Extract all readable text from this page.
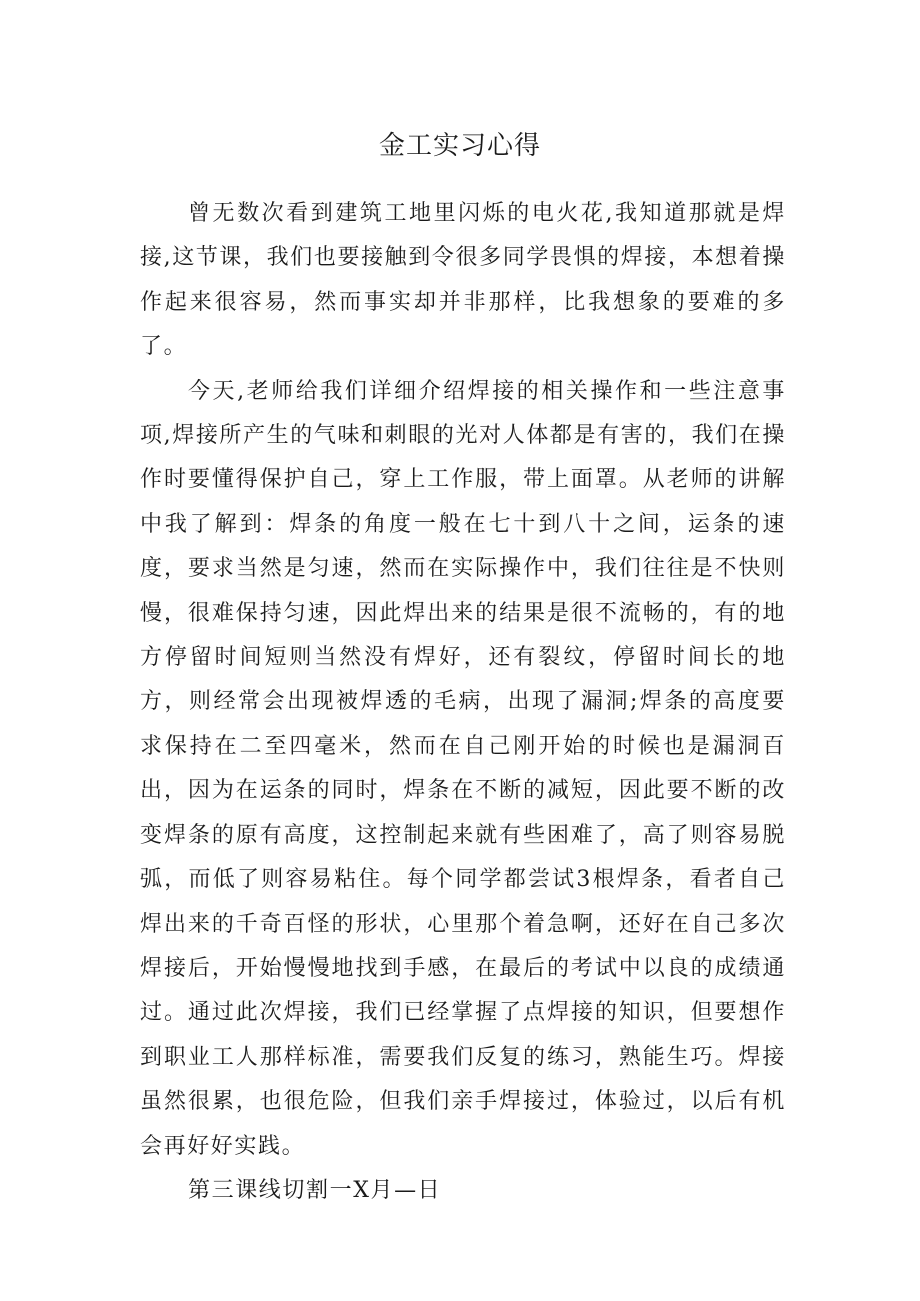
金工实习心得

曾无数次看到建筑工地里闪烁的电火花,我知道那就是焊接,这节课，我们也要接触到令很多同学畏惧的焊接，本想着操作起来很容易，然而事实却并非那样，比我想象的要难的多了。

今天,老师给我们详细介绍焊接的相关操作和一些注意事项,焊接所产生的气味和刺眼的光对人体都是有害的，我们在操作时要懂得保护自己，穿上工作服，带上面罩。从老师的讲解中我了解到：焊条的角度一般在七十到八十之间，运条的速度，要求当然是匀速，然而在实际操作中，我们往往是不快则慢，很难保持匀速，因此焊出来的结果是很不流畅的，有的地方停留时间短则当然没有焊好，还有裂纹，停留时间长的地方，则经常会出现被焊透的毛病，出现了漏洞;焊条的高度要求保持在二至四毫米，然而在自己刚开始的时候也是漏洞百出，因为在运条的同时，焊条在不断的减短，因此要不断的改变焊条的原有高度，这控制起来就有些困难了，高了则容易脱弧，而低了则容易粘住。每个同学都尝试3根焊条，看者自己焊出来的千奇百怪的形状，心里那个着急啊，还好在自己多次焊接后，开始慢慢地找到手感，在最后的考试中以良的成绩通过。通过此次焊接，我们已经掌握了点焊接的知识，但要想作到职业工人那样标准，需要我们反复的练习，熟能生巧。焊接虽然很累，也很危险，但我们亲手焊接过，体验过，以后有机会再好好实践。

第三课线切割一X月—日
